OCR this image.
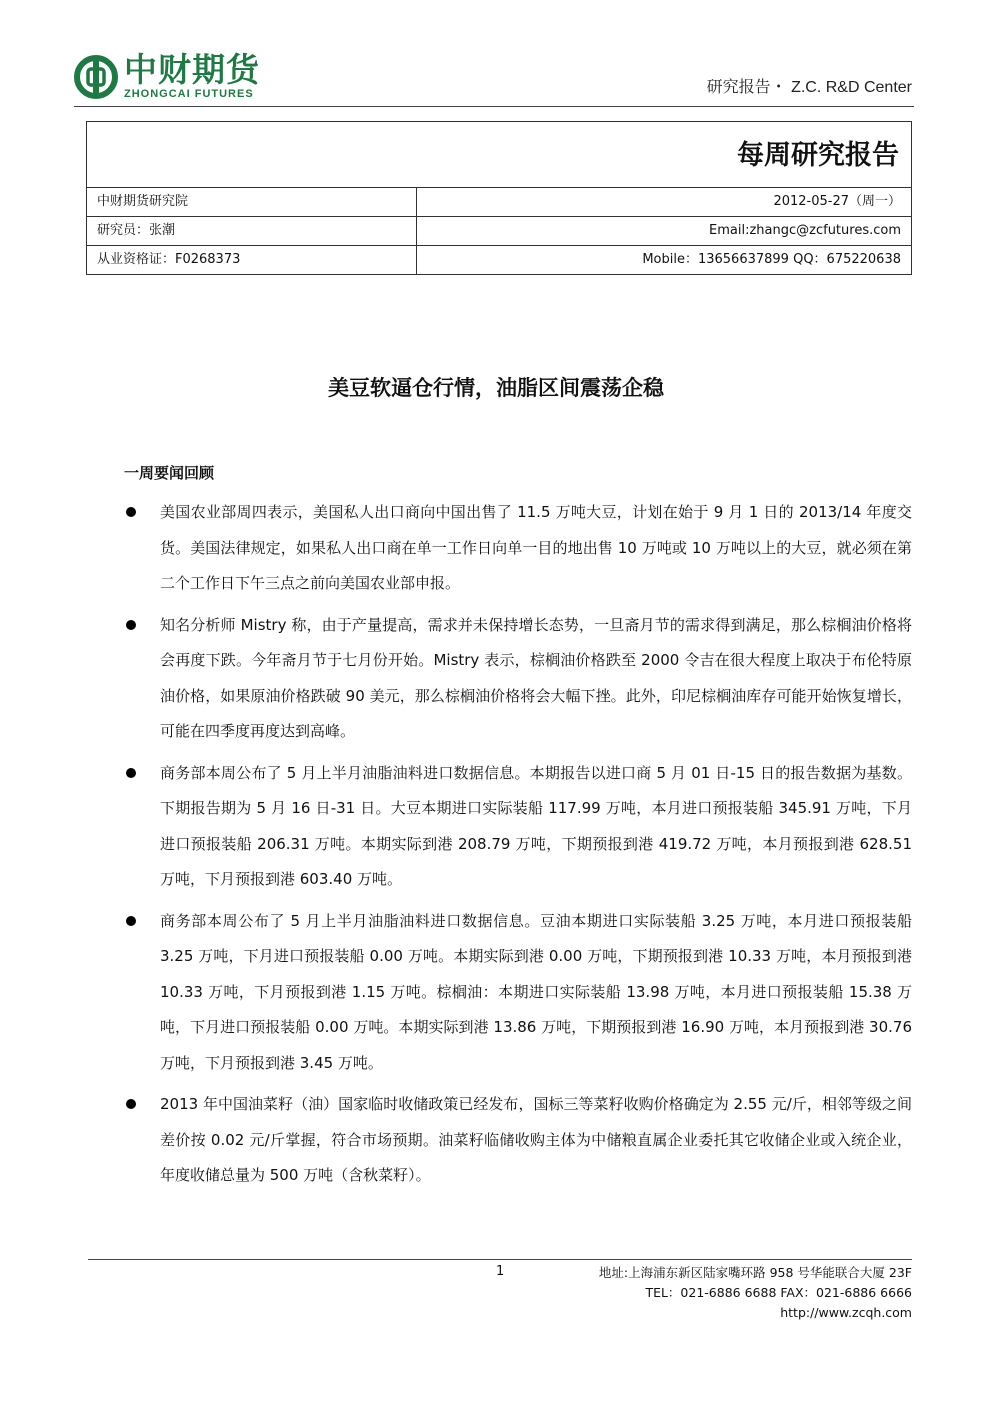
中财期货
ZHONGCAI FUTURES	研究报告・ Z.C. R&D Center
每周研究报告
中财期货研究院	2012-05-27（周一）
研究员：张潮	Email:zhangc@zcfutures.com
从业资格证：F0268373	Mobile：13656637899 QQ：675220638
美豆软逼仓行情，油脂区间震荡企稳
一周要闻回顾
美国农业部周四表示，美国私人出口商向中国出售了 11.5 万吨大豆，计划在始于 9 月 1 日的 2013/14 年度交货。美国法律规定，如果私人出口商在单一工作日向单一目的地出售 10 万吨或 10 万吨以上的大豆，就必须在第二个工作日下午三点之前向美国农业部申报。
知名分析师 Mistry 称，由于产量提高，需求并未保持增长态势，一旦斋月节的需求得到满足，那么棕榈油价格将会再度下跌。今年斋月节于七月份开始。Mistry 表示，棕榈油价格跌至 2000 令吉在很大程度上取决于布伦特原油价格，如果原油价格跌破 90 美元，那么棕榈油价格将会大幅下挫。此外，印尼棕榈油库存可能开始恢复增长，可能在四季度再度达到高峰。
商务部本周公布了 5 月上半月油脂油料进口数据信息。本期报告以进口商 5 月 01 日-15 日的报告数据为基数。下期报告期为 5 月 16 日-31 日。大豆本期进口实际装船 117.99 万吨，本月进口预报装船 345.91 万吨，下月进口预报装船 206.31 万吨。本期实际到港 208.79 万吨，下期预报到港 419.72 万吨，本月预报到港 628.51 万吨，下月预报到港 603.40 万吨。
商务部本周公布了 5 月上半月油脂油料进口数据信息。豆油本期进口实际装船 3.25 万吨，本月进口预报装船 3.25 万吨，下月进口预报装船 0.00 万吨。本期实际到港 0.00 万吨，下期预报到港 10.33 万吨，本月预报到港 10.33 万吨，下月预报到港 1.15 万吨。棕榈油：本期进口实际装船 13.98 万吨，本月进口预报装船 15.38 万吨，下月进口预报装船 0.00 万吨。本期实际到港 13.86 万吨，下期预报到港 16.90 万吨，本月预报到港 30.76 万吨，下月预报到港 3.45 万吨。
2013 年中国油菜籽（油）国家临时收储政策已经发布，国标三等菜籽收购价格确定为 2.55 元/斤，相邻等级之间差价按 0.02 元/斤掌握，符合市场预期。油菜籽临储收购主体为中储粮直属企业委托其它收储企业或入统企业，年度收储总量为 500 万吨（含秋菜籽）。
1	地址:上海浦东新区陆家嘴环路 958 号华能联合大厦 23F
TEL：021-6886 6688 FAX：021-6886 6666
http://www.zcqh.com
